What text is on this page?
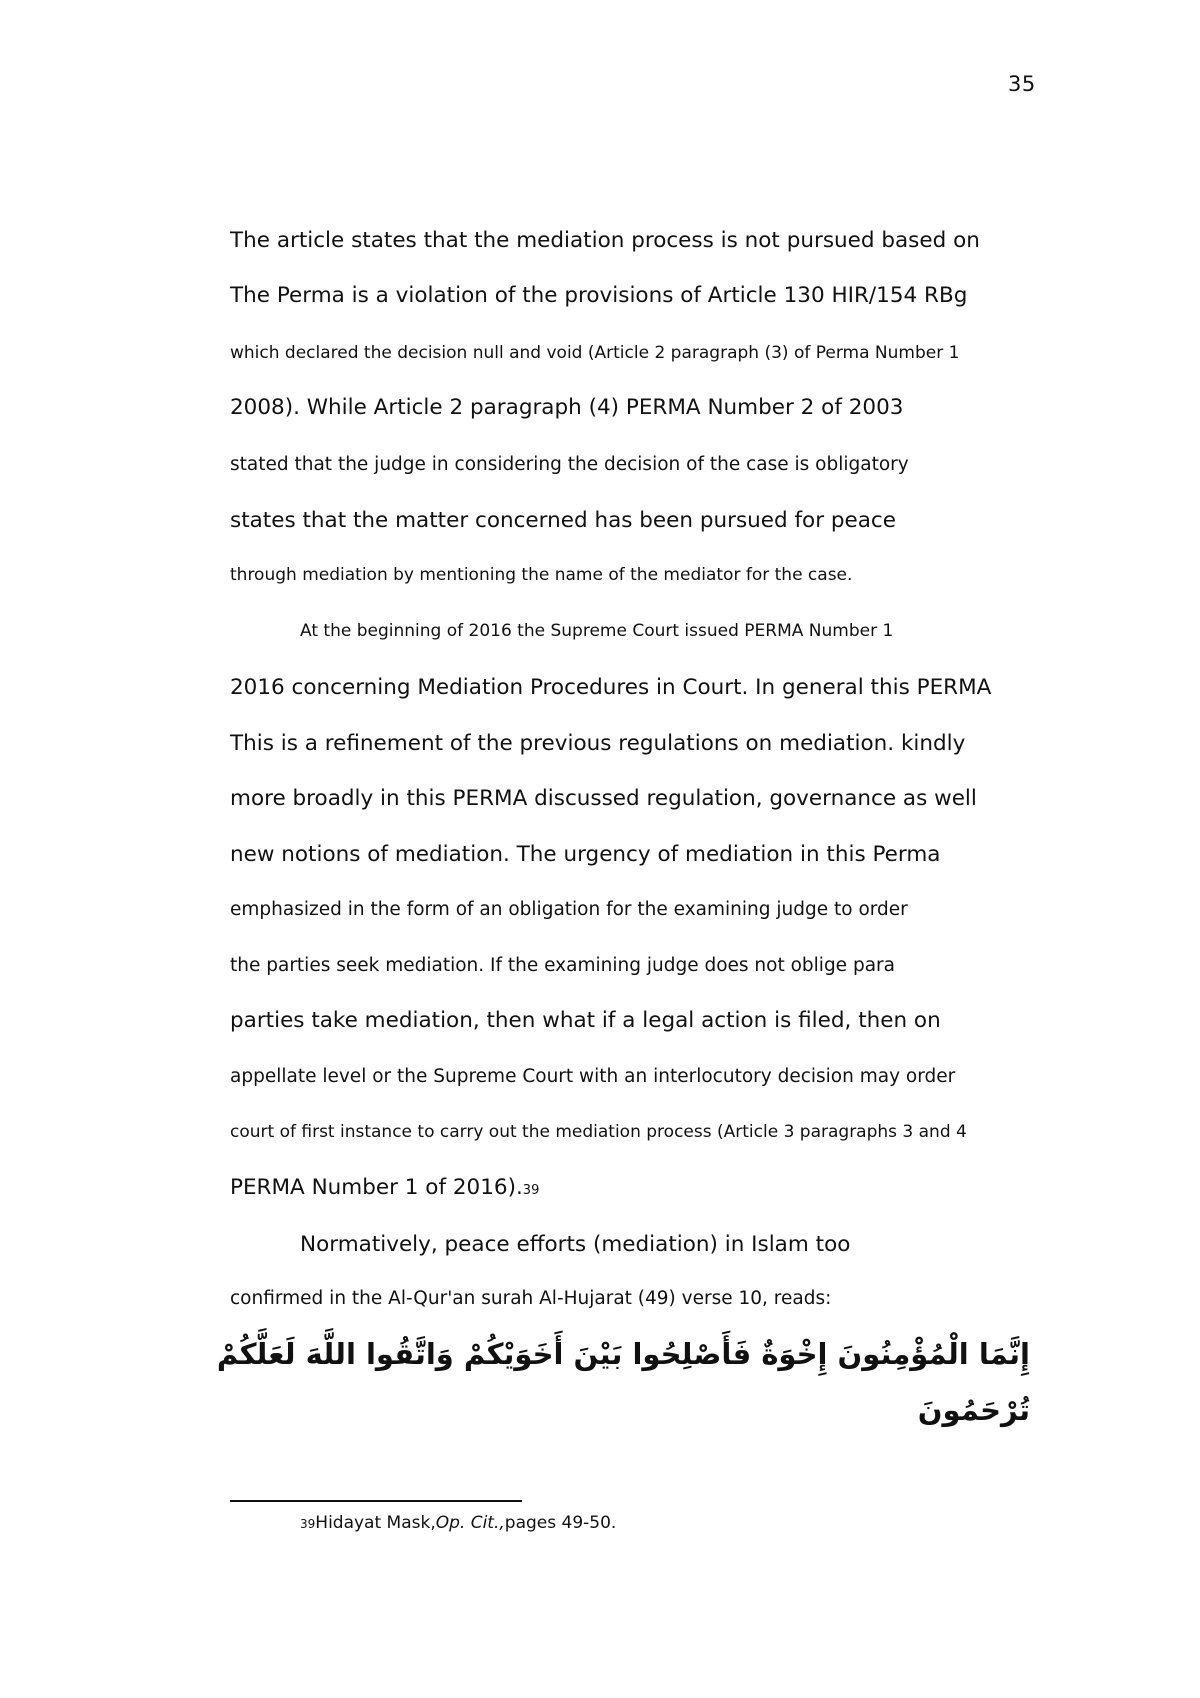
35
The article states that the mediation process is not pursued based on
The Perma is a violation of the provisions of Article 130 HIR/154 RBg
which declared the decision null and void (Article 2 paragraph (3) of Perma Number 1
2008). While Article 2 paragraph (4) PERMA Number 2 of 2003
stated that the judge in considering the decision of the case is obligatory
states that the matter concerned has been pursued for peace
through mediation by mentioning the name of the mediator for the case.
At the beginning of 2016 the Supreme Court issued PERMA Number 1
2016 concerning Mediation Procedures in Court. In general this PERMA
This is a refinement of the previous regulations on mediation. kindly
more broadly in this PERMA discussed regulation, governance as well
new notions of mediation. The urgency of mediation in this Perma
emphasized in the form of an obligation for the examining judge to order
the parties seek mediation. If the examining judge does not oblige para
parties take mediation, then what if a legal action is filed, then on
appellate level or the Supreme Court with an interlocutory decision may order
court of first instance to carry out the mediation process (Article 3 paragraphs 3 and 4
PERMA Number 1 of 2016).39
Normatively, peace efforts (mediation) in Islam too
confirmed in the Al-Qur'an surah Al-Hujarat (49) verse 10, reads:
إِنَّمَا الْمُؤْمِنُونَ إِخْوَةٌ فَأَصْلِحُوا بَيْنَ أَخَوَيْكُمْ وَاتَّقُوا اللَّهَ لَعَلَّكُمْ
تُرْحَمُونَ
39Hidayat Mask,Op. Cit.,pages 49-50.
